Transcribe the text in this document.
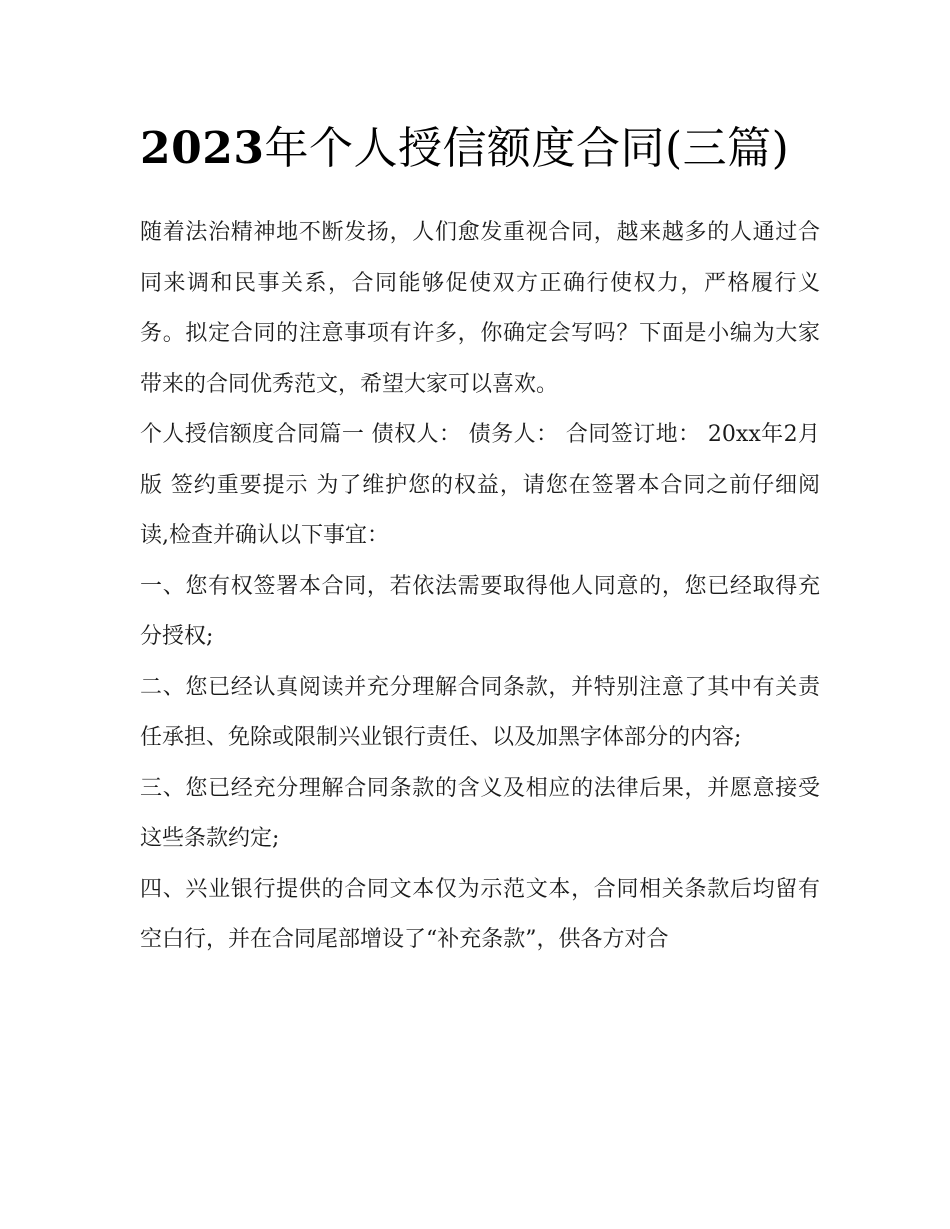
2023年个人授信额度合同(三篇)

随着法治精神地不断发扬，人们愈发重视合同，越来越多的人通过合同来调和民事关系，合同能够促使双方正确行使权力，严格履行义务。拟定合同的注意事项有许多，你确定会写吗？下面是小编为大家带来的合同优秀范文，希望大家可以喜欢。

个人授信额度合同篇一 债权人： 债务人： 合同签订地： 20xx年2月版 签约重要提示 为了维护您的权益，请您在签署本合同之前仔细阅读,检查并确认以下事宜：

一、您有权签署本合同，若依法需要取得他人同意的，您已经取得充分授权;

二、您已经认真阅读并充分理解合同条款，并特别注意了其中有关责任承担、免除或限制兴业银行责任、以及加黑字体部分的内容;

三、您已经充分理解合同条款的含义及相应的法律后果，并愿意接受这些条款约定;

四、兴业银行提供的合同文本仅为示范文本，合同相关条款后均留有空白行，并在合同尾部增设了“补充条款”，供各方对合
